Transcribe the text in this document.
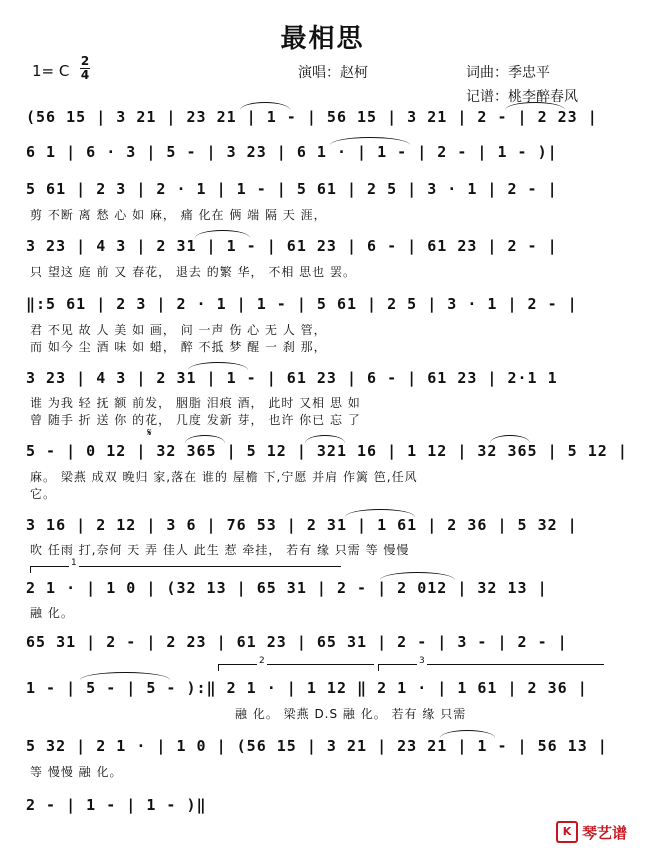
最相思
1= C
2
4	演唱：赵柯	词曲：季忠平
记谱：桃李醉春风
(56 15 | 3 21 | 23 21 | 1 - | 56 15 | 3 21 | 2 - | 2 23 |
6 1 | 6 · 3 | 5 - | 3 23 | 6 1 · | 1 - | 2 - | 1 - )|
5 61 | 2 3 | 2 · 1 | 1 - | 5 61 | 2 5 | 3 · 1 | 2 - |
剪 不断 离 愁 心 如 麻， 痛 化在 俩 端 隔 天 涯，
3 23 | 4 3 | 2 31 | 1 - | 61 23 | 6 - | 61 23 | 2 - |
只 望这 庭 前 又 春花， 退去 的繁 华， 不相 思也 罢。
‖:5 61 | 2 3 | 2 · 1 | 1 - | 5 61 | 2 5 | 3 · 1 | 2 - |
君 不见 故 人 美 如 画， 问 一声 伤 心 无 人 管，
而 如今 尘 酒 味 如 蜡， 醉 不抵 梦 醒 一 刹 那，
3 23 | 4 3 | 2 31 | 1 - | 61 23 | 6 - | 61 23 | 2·1 1
谁 为我 轻 抚 额 前发， 胭脂 泪痕 酒， 此时 又相 思 如
曾 随手 折 送 你 的花， 几度 发新 芽， 也许 你已 忘 了
𝄋
5 - | 0 12 | 32 365 | 5 12 | 321 16 | 1 12 | 32 365 | 5 12 |
麻。 梁燕 成双 晚归 家,落在 谁的 屋檐 下,宁愿 并肩 作篱 笆,任风
它。
3 16 | 2 12 | 3 6 | 76 53 | 2 31 | 1 61 | 2 36 | 5 32 |
吹 任雨 打,奈何 天 弄 佳人 此生 惹 牵挂， 若有 缘 只需 等 慢慢
1
2 1 · | 1 0 | (32 13 | 65 31 | 2 - | 2 012 | 32 13 |
融 化。
65 31 | 2 - | 2 23 | 61 23 | 65 31 | 2 - | 3 - | 2 - |
2	3
1 - | 5 - | 5 - ):‖ 2 1 · | 1 12 ‖ 2 1 · | 1 61 | 2 36 |
融 化。 梁燕 D.S 融 化。 若有 缘 只需
5 32 | 2 1 · | 1 0 | (56 15 | 3 21 | 23 21 | 1 - | 56 13 |
等 慢慢 融 化。
2 - | 1 - | 1 - )‖
K 琴艺谱
